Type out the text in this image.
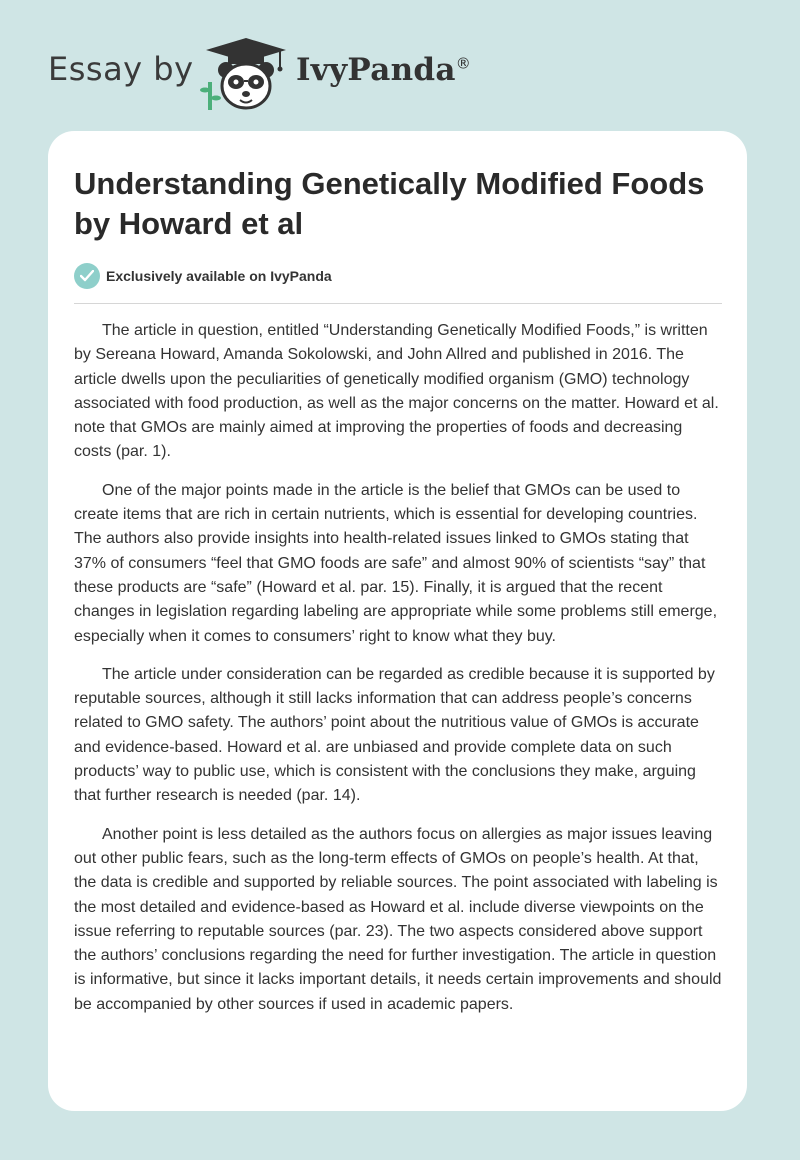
Essay by	IvyPanda®
Understanding Genetically Modified Foods by Howard et al
Exclusively available on IvyPanda

The article in question, entitled “Understanding Genetically Modified Foods,” is written by Sereana Howard, Amanda Sokolowski, and John Allred and published in 2016. The article dwells upon the peculiarities of genetically modified organism (GMO) technology associated with food production, as well as the major concerns on the matter. Howard et al. note that GMOs are mainly aimed at improving the properties of foods and decreasing costs (par. 1).

One of the major points made in the article is the belief that GMOs can be used to create items that are rich in certain nutrients, which is essential for developing countries. The authors also provide insights into health-related issues linked to GMOs stating that 37% of consumers “feel that GMO foods are safe” and almost 90% of scientists “say” that these products are “safe” (Howard et al. par. 15). Finally, it is argued that the recent changes in legislation regarding labeling are appropriate while some problems still emerge, especially when it comes to consumers’ right to know what they buy.

The article under consideration can be regarded as credible because it is supported by reputable sources, although it still lacks information that can address people’s concerns related to GMO safety. The authors’ point about the nutritious value of GMOs is accurate and evidence-based. Howard et al. are unbiased and provide complete data on such products’ way to public use, which is consistent with the conclusions they make, arguing that further research is needed (par. 14).

Another point is less detailed as the authors focus on allergies as major issues leaving out other public fears, such as the long-term effects of GMOs on people’s health. At that, the data is credible and supported by reliable sources. The point associated with labeling is the most detailed and evidence-based as Howard et al. include diverse viewpoints on the issue referring to reputable sources (par. 23). The two aspects considered above support the authors’ conclusions regarding the need for further investigation. The article in question is informative, but since it lacks important details, it needs certain improvements and should be accompanied by other sources if used in academic papers.
